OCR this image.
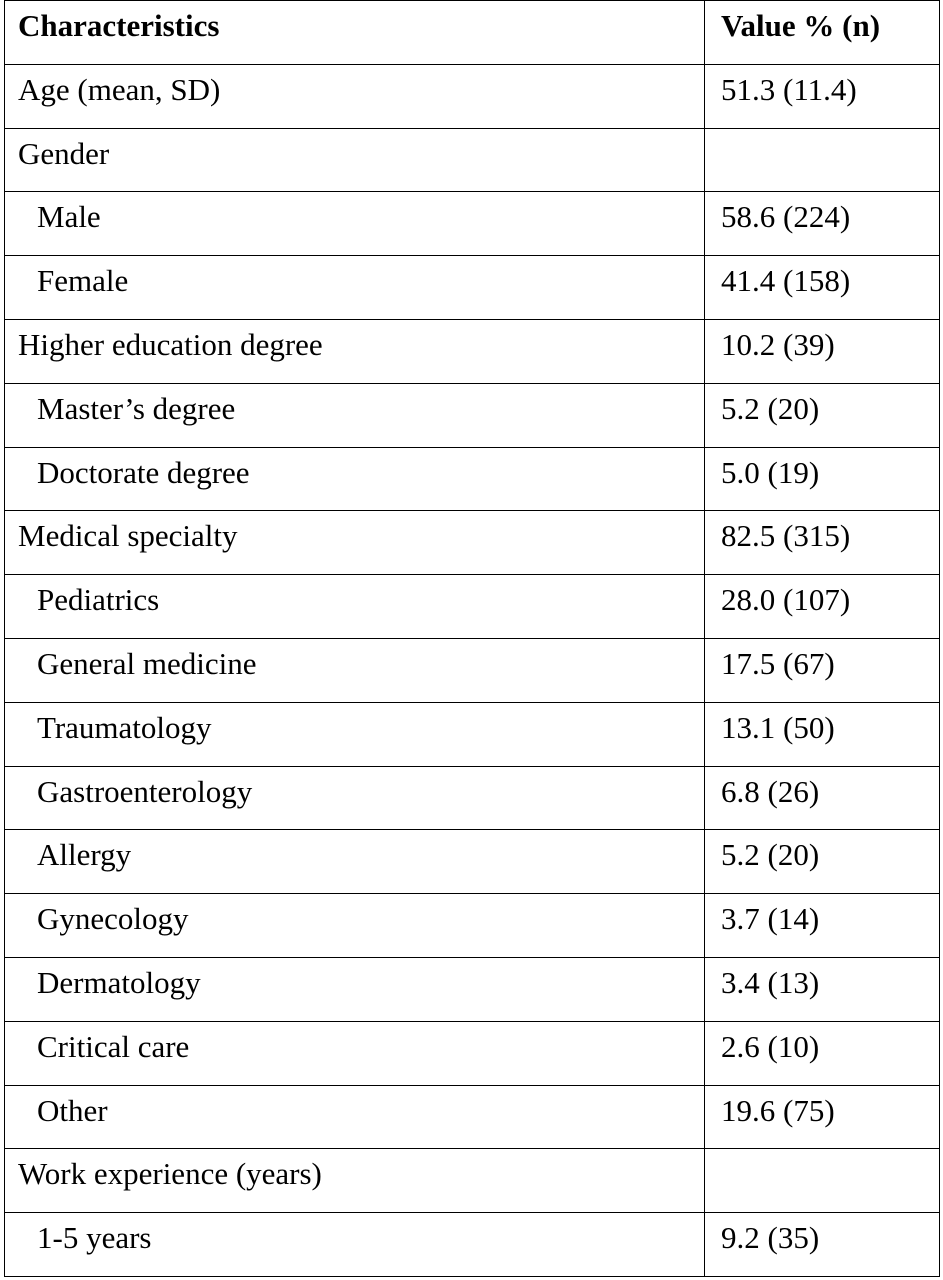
Characteristics	Value % (n)
Age (mean, SD)	51.3 (11.4)
Gender	
Male	58.6 (224)
Female	41.4 (158)
Higher education degree	10.2 (39)
Master’s degree	5.2 (20)
Doctorate degree	5.0 (19)
Medical specialty	82.5 (315)
Pediatrics	28.0 (107)
General medicine	17.5 (67)
Traumatology	13.1 (50)
Gastroenterology	6.8 (26)
Allergy	5.2 (20)
Gynecology	3.7 (14)
Dermatology	3.4 (13)
Critical care	2.6 (10)
Other	19.6 (75)
Work experience (years)	
1-5 years	9.2 (35)
